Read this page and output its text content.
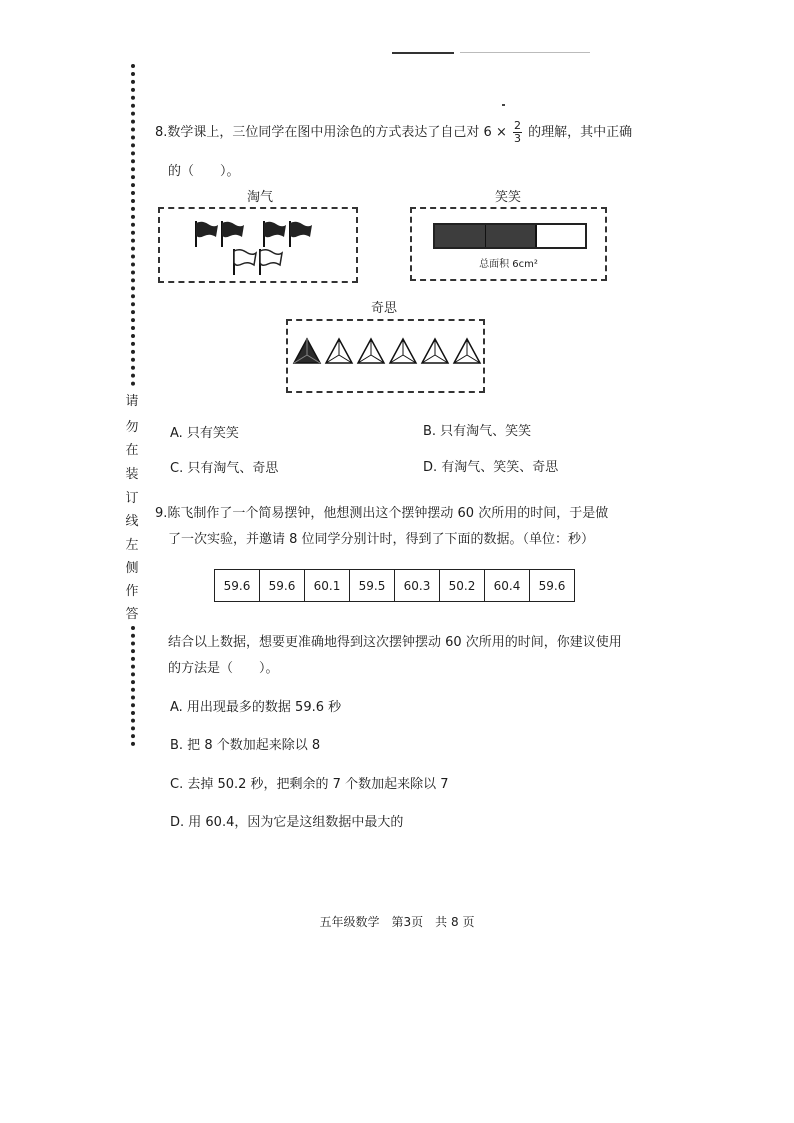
请
勿
在
装
订
线
左
侧
作
答
8.数学课上，三位同学在图中用涂色的方式表达了自己对 $6 \times \frac{2}{3}$ 的理解，其中正确
的（　　）。
淘气	笑笑
总面积 6cm²
奇思
A. 只有笑笑	B. 只有淘气、笑笑
C. 只有淘气、奇思	D. 有淘气、笑笑、奇思
9.陈飞制作了一个简易摆钟，他想测出这个摆钟摆动 60 次所用的时间，于是做
了一次实验，并邀请 8 位同学分别计时，得到了下面的数据。（单位：秒）
59.6	59.6	60.1	59.5	60.3	50.2	60.4	59.6
结合以上数据，想要更准确地得到这次摆钟摆动 60 次所用的时间，你建议使用
的方法是（　　）。
A. 用出现最多的数据 59.6 秒
B. 把 8 个数加起来除以 8
C. 去掉 50.2 秒，把剩余的 7 个数加起来除以 7
D. 用 60.4，因为它是这组数据中最大的
五年级数学　第3页　共 8 页
